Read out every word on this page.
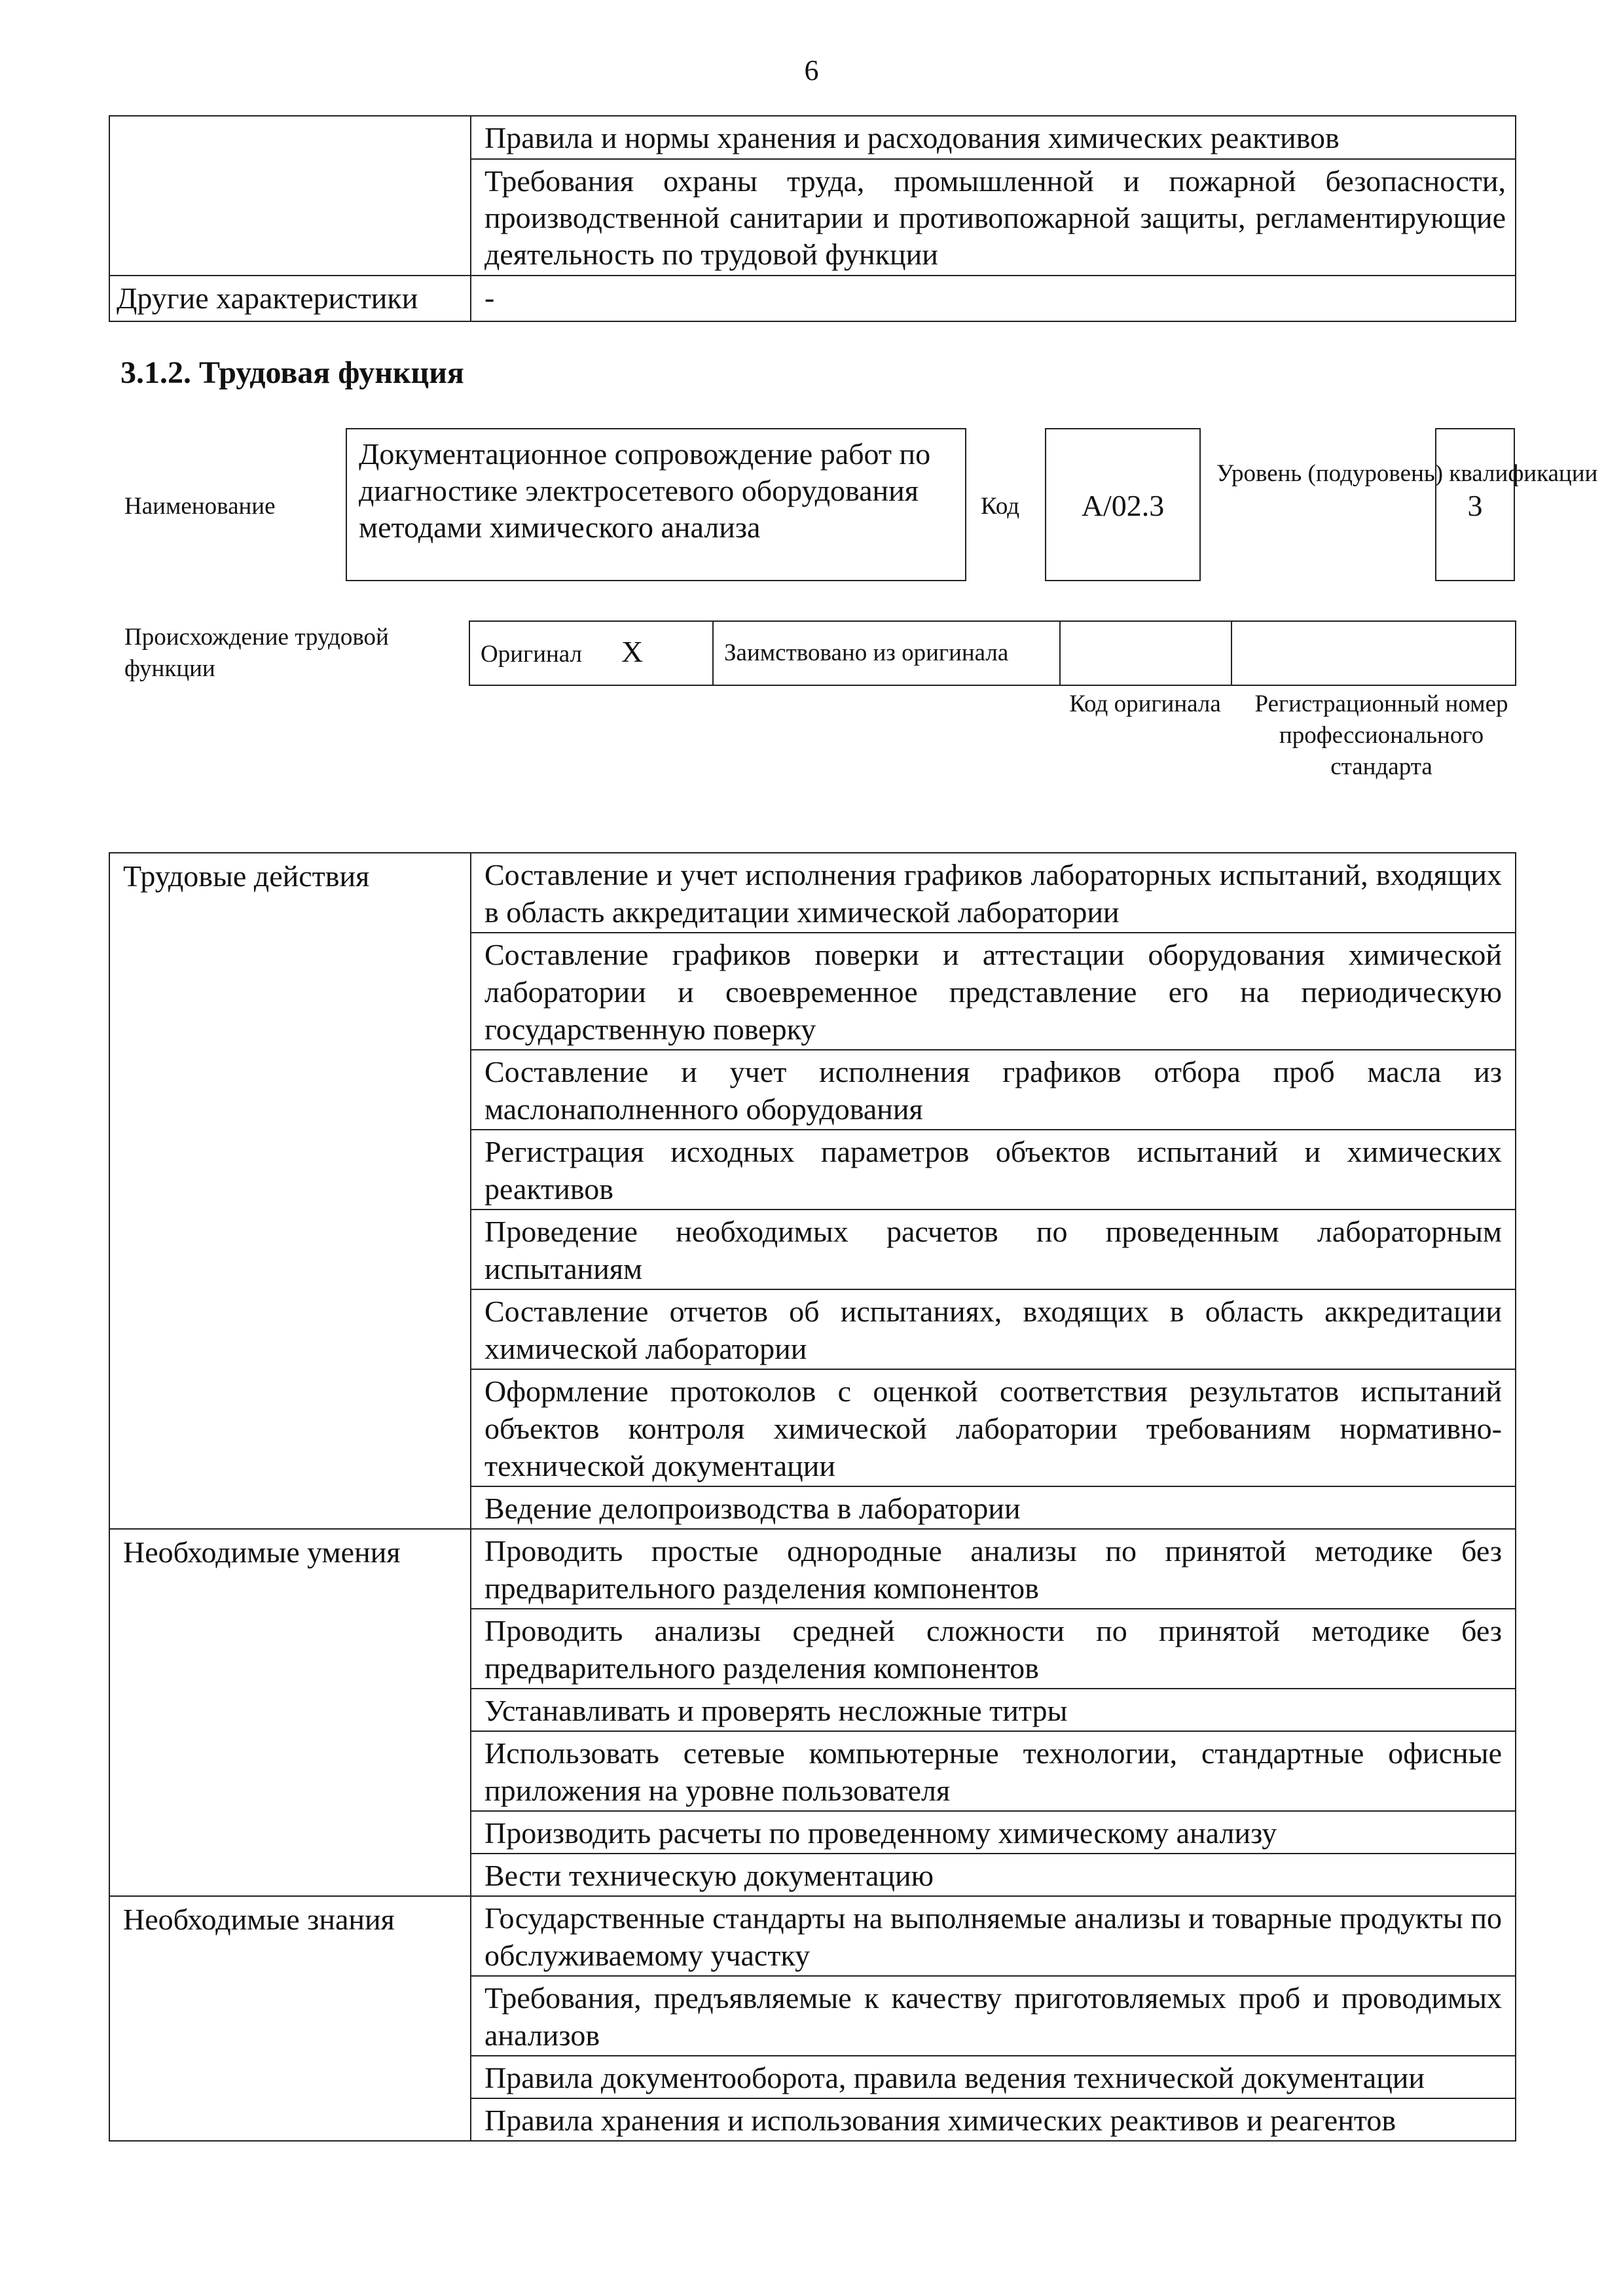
6
	Правила и нормы хранения и расходования химических реактивов
	Требования охраны труда, промышленной и пожарной безопасности, производственной санитарии и противопожарной защиты, регламентирующие деятельность по трудовой функции
Другие характеристики	-
3.1.2. Трудовая функция
Наименование
Документационное сопровождение работ по диагностике электросетевого оборудования методами химического анализа
Код	А/02.3
Уровень (подуровень) квалификации
3
Происхождение трудовой функции
Оригинал Х	Заимствовано из оригинала		
Код оригинала	Регистрационный номер профессионального стандарта
Трудовые действия	Составление и учет исполнения графиков лабораторных испытаний, входящих в область аккредитации химической лаборатории
	Составление графиков поверки и аттестации оборудования химической лаборатории и своевременное представление его на периодическую государственную поверку
	Составление и учет исполнения графиков отбора проб масла из маслонаполненного оборудования
	Регистрация исходных параметров объектов испытаний и химических реактивов
	Проведение необходимых расчетов по проведенным лабораторным испытаниям
	Составление отчетов об испытаниях, входящих в область аккредитации химической лаборатории
	Оформление протоколов с оценкой соответствия результатов испытаний объектов контроля химической лаборатории требованиям нормативно-технической документации
	Ведение делопроизводства в лаборатории
Необходимые умения	Проводить простые однородные анализы по принятой методике без предварительного разделения компонентов
	Проводить анализы средней сложности по принятой методике без предварительного разделения компонентов
	Устанавливать и проверять несложные титры
	Использовать сетевые компьютерные технологии, стандартные офисные приложения на уровне пользователя
	Производить расчеты по проведенному химическому анализу
	Вести техническую документацию
Необходимые знания	Государственные стандарты на выполняемые анализы и товарные продукты по обслуживаемому участку
	Требования, предъявляемые к качеству приготовляемых проб и проводимых анализов
	Правила документооборота, правила ведения технической документации
	Правила хранения и использования химических реактивов и реагентов
